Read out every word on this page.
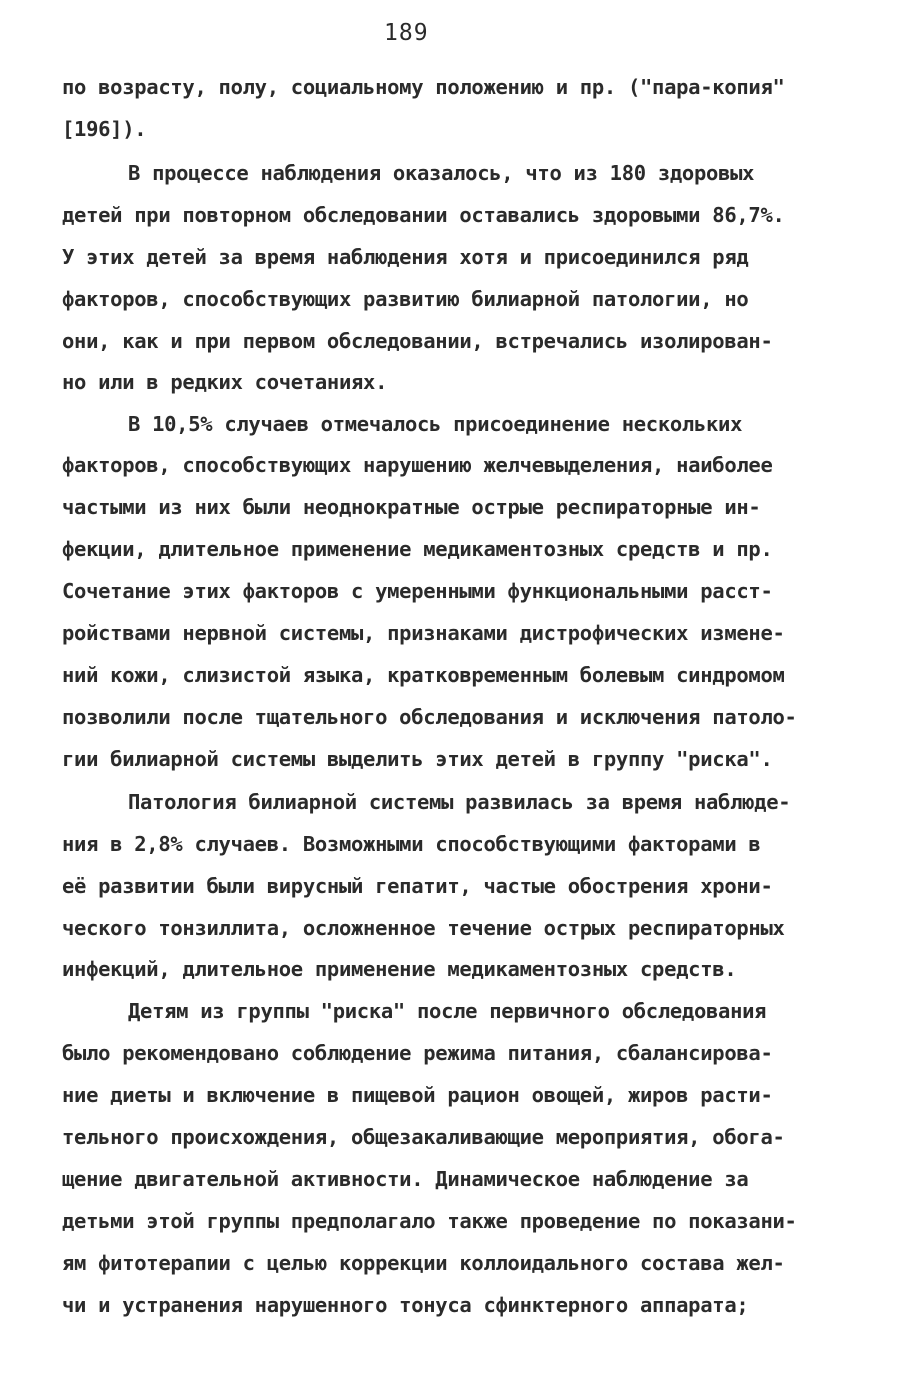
189
по возрасту, полу, социальному положению и пр. ("пара-копия"
[196]).
В процессе наблюдения оказалось, что из 180 здоровых
детей при повторном обследовании оставались здоровыми 86,7%.
У этих детей за время наблюдения хотя и присоединился ряд
факторов, способствующих развитию билиарной патологии, но
они, как и при первом обследовании, встречались изолирован-
но или в редких сочетаниях.
В 10,5% случаев отмечалось присоединение нескольких
факторов, способствующих нарушению желчевыделения, наиболее
частыми из них были неоднократные острые респираторные ин-
фекции, длительное применение медикаментозных средств и пр.
Сочетание этих факторов с умеренными функциональными расст-
ройствами нервной системы, признаками дистрофических измене-
ний кожи, слизистой языка, кратковременным болевым синдромом
позволили после тщательного обследования и исключения патоло-
гии билиарной системы выделить этих детей в группу "риска".
Патология билиарной системы развилась за время наблюде-
ния в 2,8% случаев. Возможными способствующими факторами в
её развитии были вирусный гепатит, частые обострения хрони-
ческого тонзиллита, осложненное течение острых респираторных
инфекций, длительное применение медикаментозных средств.
Детям из группы "риска" после первичного обследования
было рекомендовано соблюдение режима питания, сбалансирова-
ние диеты и включение в пищевой рацион овощей, жиров расти-
тельного происхождения, общезакаливающие мероприятия, обога-
щение двигательной активности. Динамическое наблюдение за
детьми этой группы предполагало также проведение по показани-
ям фитотерапии с целью коррекции коллоидального состава жел-
чи и устранения нарушенного тонуса сфинктерного аппарата;
